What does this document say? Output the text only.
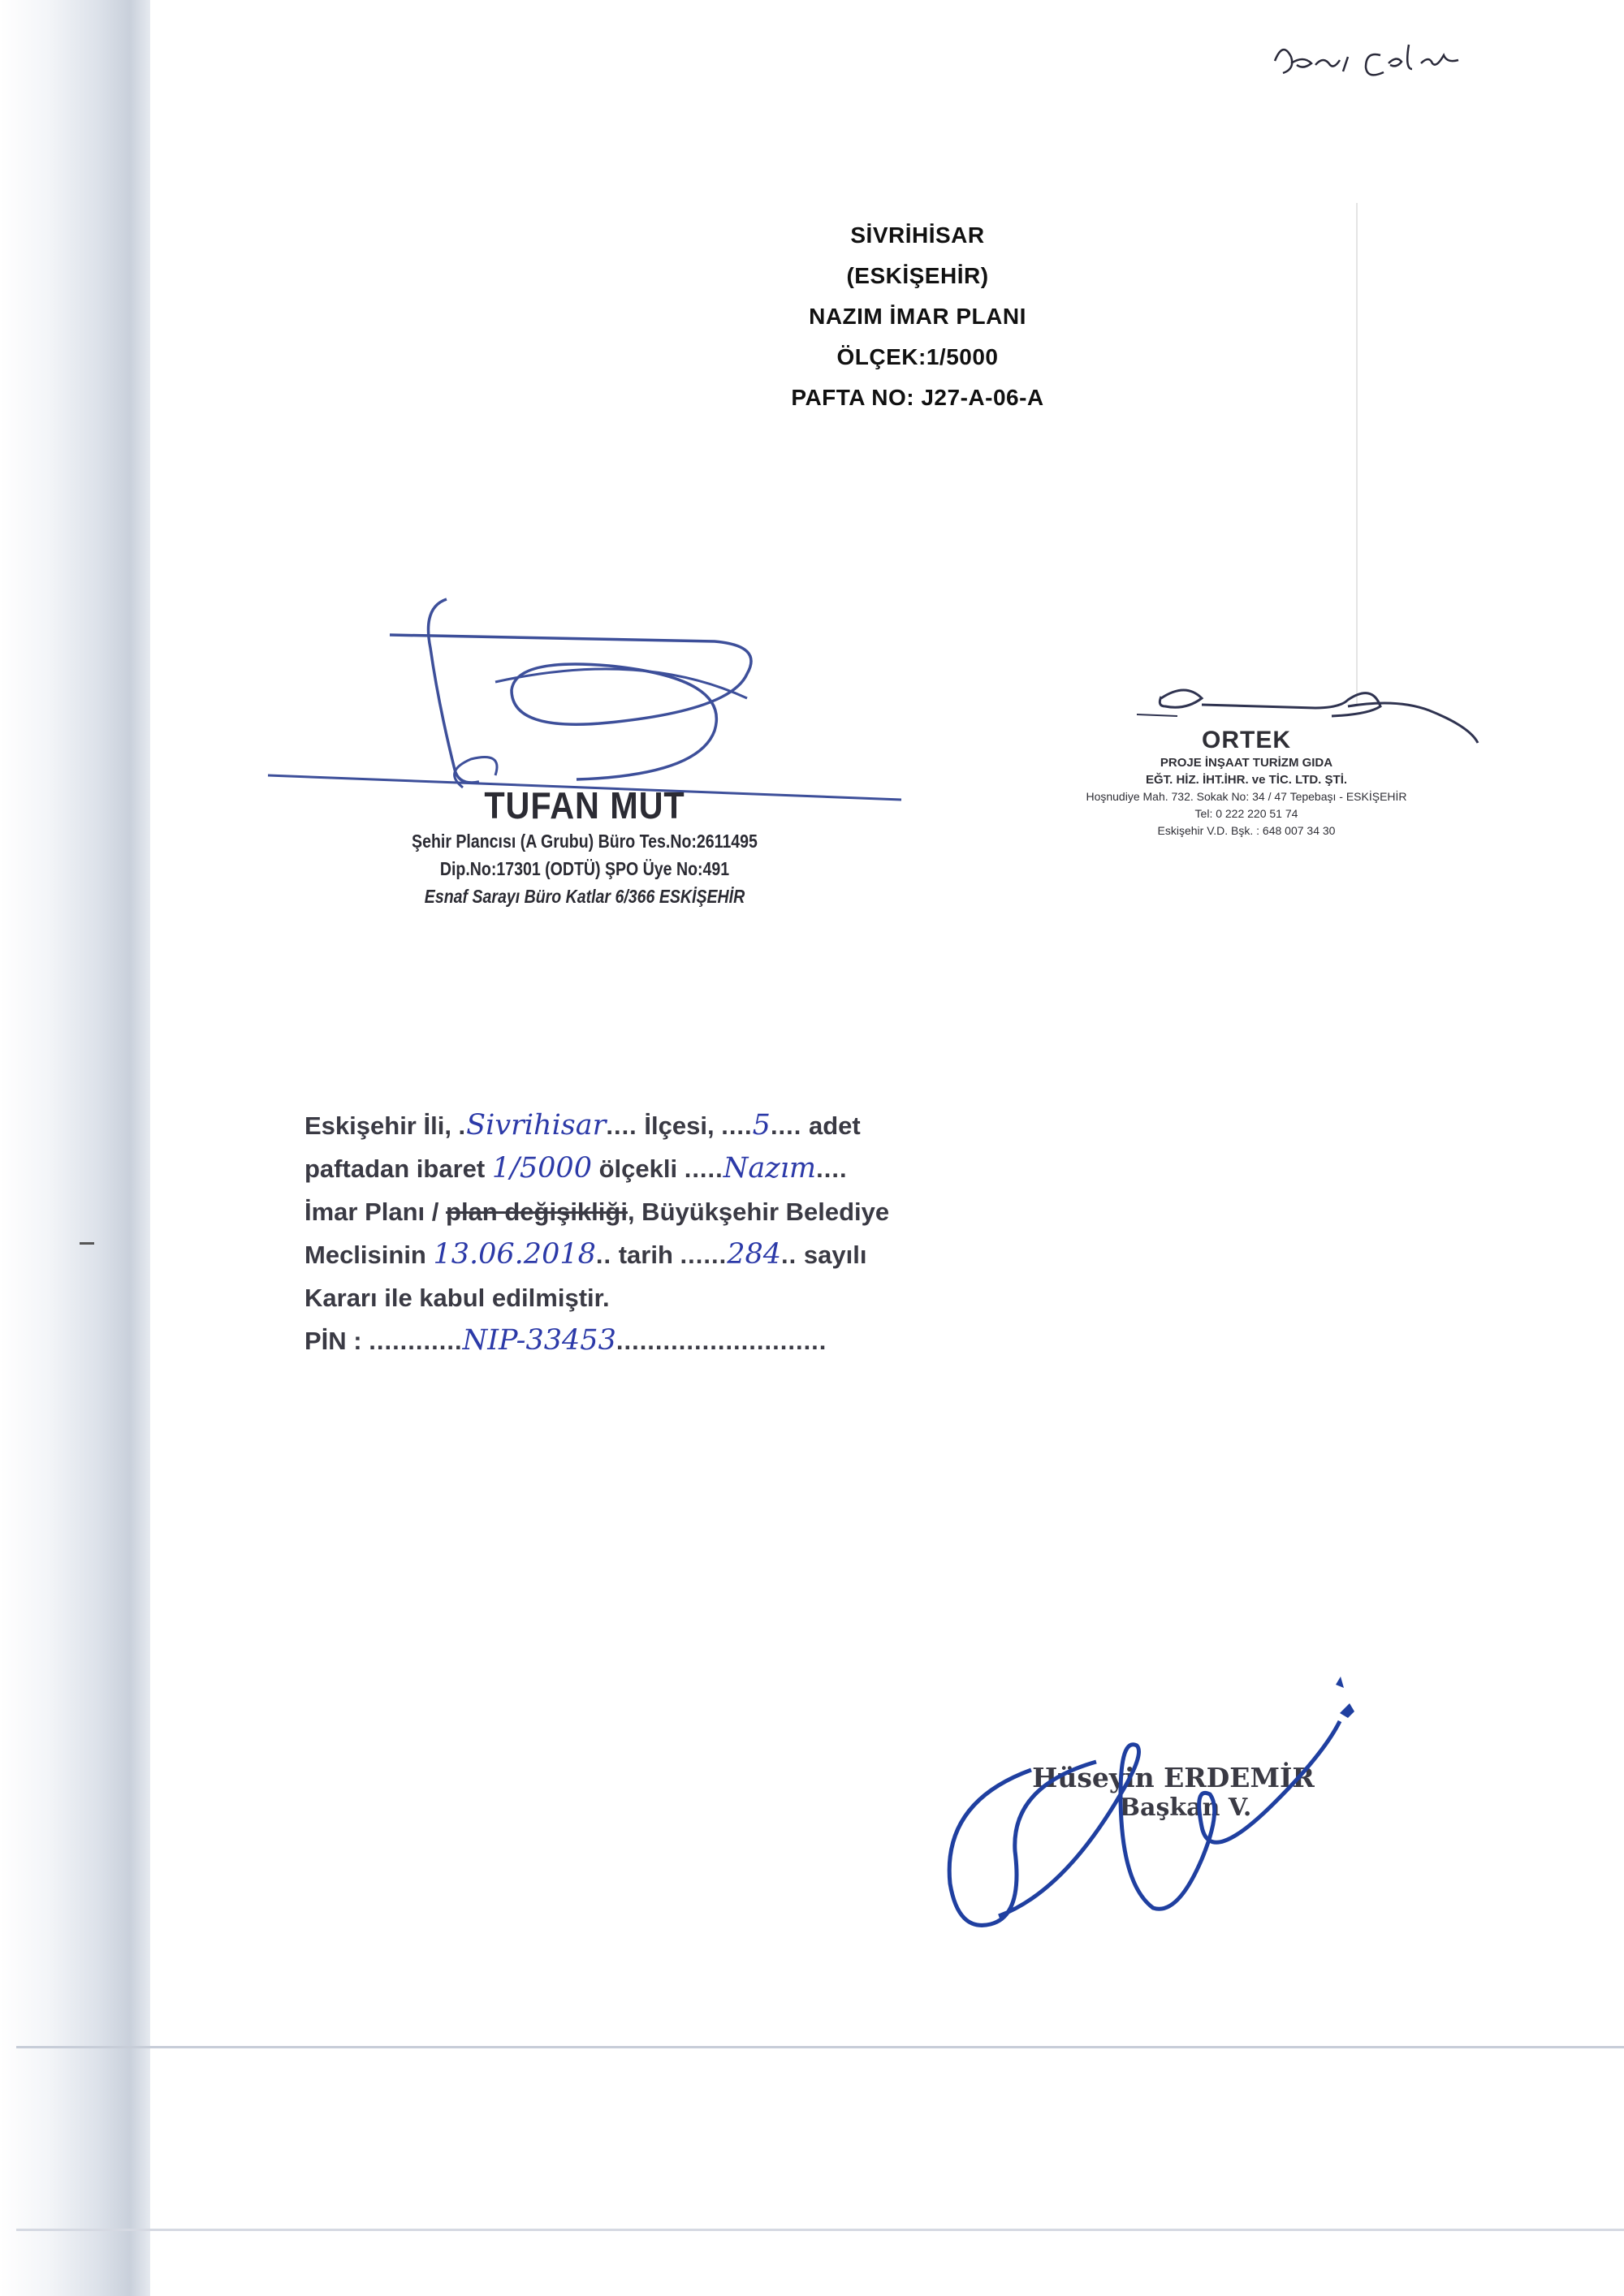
SİVRİHİSAR
(ESKİŞEHİR)
NAZIM İMAR PLANI
ÖLÇEK:1/5000
PAFTA NO: J27-A-06-A
TUFAN MUT
Şehir Plancısı (A Grubu) Büro Tes.No:2611495
Dip.No:17301 (ODTÜ) ŞPO Üye No:491
Esnaf Sarayı Büro Katlar 6/366 ESKİŞEHİR
ORTEK
PROJE İNŞAAT TURİZM GIDA
EĞT. HİZ. İHT.İHR. ve TİC. LTD. ŞTİ.
Hoşnudiye Mah. 732. Sokak No: 34 / 47 Tepebaşı - ESKİŞEHİR
Tel: 0 222 220 51 74
Eskişehir V.D. Bşk. : 648 007 34 30
Eskişehir İli, .Sivrihisar.... İlçesi, ....5.... adet
paftadan ibaret 1/5000 ölçekli .....Nazım....
İmar Planı / plan değişikliği, Büyükşehir Belediye
Meclisinin 13.06.2018.. tarih ......284.. sayılı
Kararı ile kabul edilmiştir.
PİN : ............NIP-33453...........................
Hüseyin ERDEMİR
Başkan V.
